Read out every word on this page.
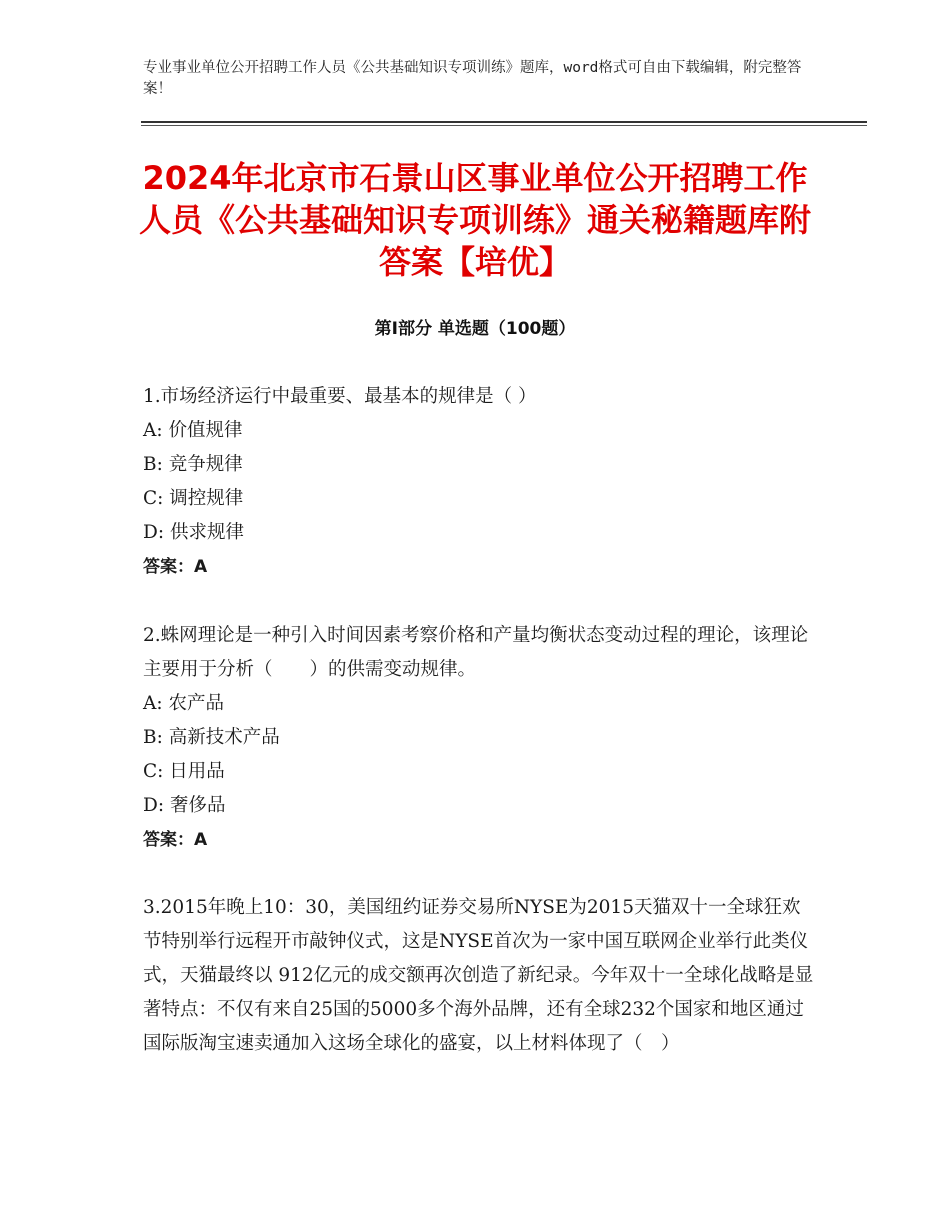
专业事业单位公开招聘工作人员《公共基础知识专项训练》题库，word格式可自由下载编辑，附完整答案！
2024年北京市石景山区事业单位公开招聘工作人员《公共基础知识专项训练》通关秘籍题库附答案【培优】
第I部分 单选题（100题）

1.市场经济运行中最重要、最基本的规律是（ ）

A: 价值规律

B: 竞争规律

C: 调控规律

D: 供求规律

答案：A

2.蛛网理论是一种引入时间因素考察价格和产量均衡状态变动过程的理论，该理论主要用于分析（　　）的供需变动规律。

A: 农产品

B: 高新技术产品

C: 日用品

D: 奢侈品

答案：A

3.2015年晚上10：30，美国纽约证券交易所NYSE为2015天猫双十一全球狂欢节特别举行远程开市敲钟仪式，这是NYSE首次为一家中国互联网企业举行此类仪式，天猫最终以 912亿元的成交额再次创造了新纪录。今年双十一全球化战略是显著特点：不仅有来自25国的5000多个海外品牌，还有全球232个国家和地区通过国际版淘宝速卖通加入这场全球化的盛宴，以上材料体现了（　）
